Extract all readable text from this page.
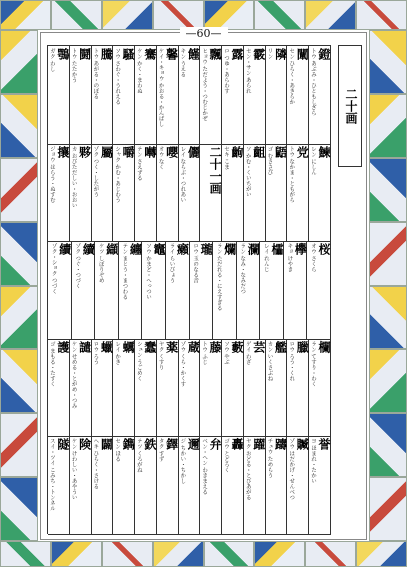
—60—
二十画
鐙
トウ あぶみ・ひともしざら
闡
セン ひらく・あきらか
隣
リン
霰
セン・サン あられ
露
ロ つゆ・あらわす
飄
ヒョウ ただよう・つむじかぜ
饉
キン うえる
馨
ケイ・キョウ かおる・かんばし
騫
ケン かく・まわぬ
騷
ソウ さわぐ・うれえる
騰
トウ あがる・のぼる
鬪
トウ たたかう
鶚
ガク わし
鰊
レン にしん
党
トウ なかま・ともがら
鼯
ゴ むささび
齟
ソ かむ・くいちがい
齣
セキ こま
二十一画
儷
レイ ならぶ・つれあい
嚶
オウ なく
囀
テン さえずる
嚼
シャク かむ・あじわう
屬
ゾク つく・したがう
夥
カ おびただしい・おおい
攘
ジョウ はらう・ぬすむ
桜
オウ さくら
欅
キョ けやき
櫺
レイ れんじ
瀾
ラン なみ・なみだつ
爛
ラン ただれる・にえすぎる
瓏
ロウ 玉のなる音
癩
ライ らいびょう
竈
ソウ かまど・へっつい
纏
テン まとう・まつわる
纈
ケツ しぼりぞめ
續
ゾク つぐ・つづく
續
ゾク・ショク つづく
欄
ラン てすり・わく
臘
ロウ ろう・くれ
艦
カン いくさぶね
芸
ゲイ わざ
藪
ソウ やぶ
藤
トウ ふじ
蔵
ゾウ くら・かくす
薬
ヤク くすり
蠢
シュン うごめく
蠣
レイ かき
蠟
ロウ ろう
譴
ケン せめる・とがめ・つみ
護
ゴ まもる・たすく
誉
ヨ ほまれ・たかい
贓
ゾウ はだかげ・せんべつ
躊
チュウ ためらう
躍
ヤク おどる・とびあがる
轟
ゴウ とどろく
弁
ベン・ヘン わきまえる
邇
ジ ちかい・ちかし
鐸
タク すず
鉄
テツ くろがね
鐫
セン ほる
闢
ヘキ ひらく・さける
険
ケン けわしい・あやうい
隧
スイ・ツイ こみち・トンネル
